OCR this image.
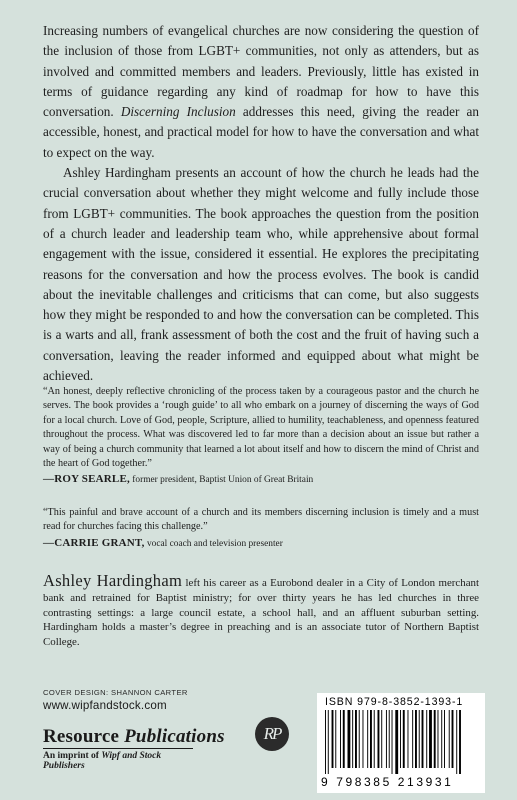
Increasing numbers of evangelical churches are now considering the question of the inclusion of those from LGBT+ communities, not only as attenders, but as involved and committed members and leaders. Previously, little has existed in terms of guidance regarding any kind of roadmap for how to have this conversation. Discerning Inclusion addresses this need, giving the reader an accessible, honest, and practical model for how to have the conversation and what to expect on the way.

Ashley Hardingham presents an account of how the church he leads had the crucial conversation about whether they might welcome and fully include those from LGBT+ communities. The book approaches the question from the position of a church leader and leadership team who, while apprehensive about formal engagement with the issue, considered it essential. He explores the precipitating reasons for the conversation and how the process evolves. The book is candid about the inevitable challenges and criticisms that can come, but also suggests how they might be responded to and how the conversation can be completed. This is a warts and all, frank assessment of both the cost and the fruit of having such a conversation, leaving the reader informed and equipped about what might be achieved.

“An honest, deeply reflective chronicling of the process taken by a courageous pastor and the church he serves. The book provides a ‘rough guide’ to all who embark on a journey of discerning the ways of God for a local church. Love of God, people, Scripture, allied to humility, teachableness, and openness featured throughout the process. What was discovered led to far more than a decision about an issue but rather a way of being a church community that learned a lot about itself and how to discern the mind of Christ and the heart of God together.”

—ROY SEARLE, former president, Baptist Union of Great Britain

“This painful and brave account of a church and its members discerning inclusion is timely and a must read for churches facing this challenge.”

—CARRIE GRANT, vocal coach and television presenter
Ashley Hardingham left his career as a Eurobond dealer in a City of London merchant bank and retrained for Baptist ministry; for over thirty years he has led churches in three contrasting settings: a large council estate, a school hall, and an affluent suburban setting. Hardingham holds a master’s degree in preaching and is an associate tutor of Northern Baptist College.
COVER DESIGN: SHANNON CARTER
www.wipfandstock.com
Resource Publications
An imprint of Wipf and Stock Publishers
RP
ISBN 979-8-3852-1393-1
9 798385 213931
